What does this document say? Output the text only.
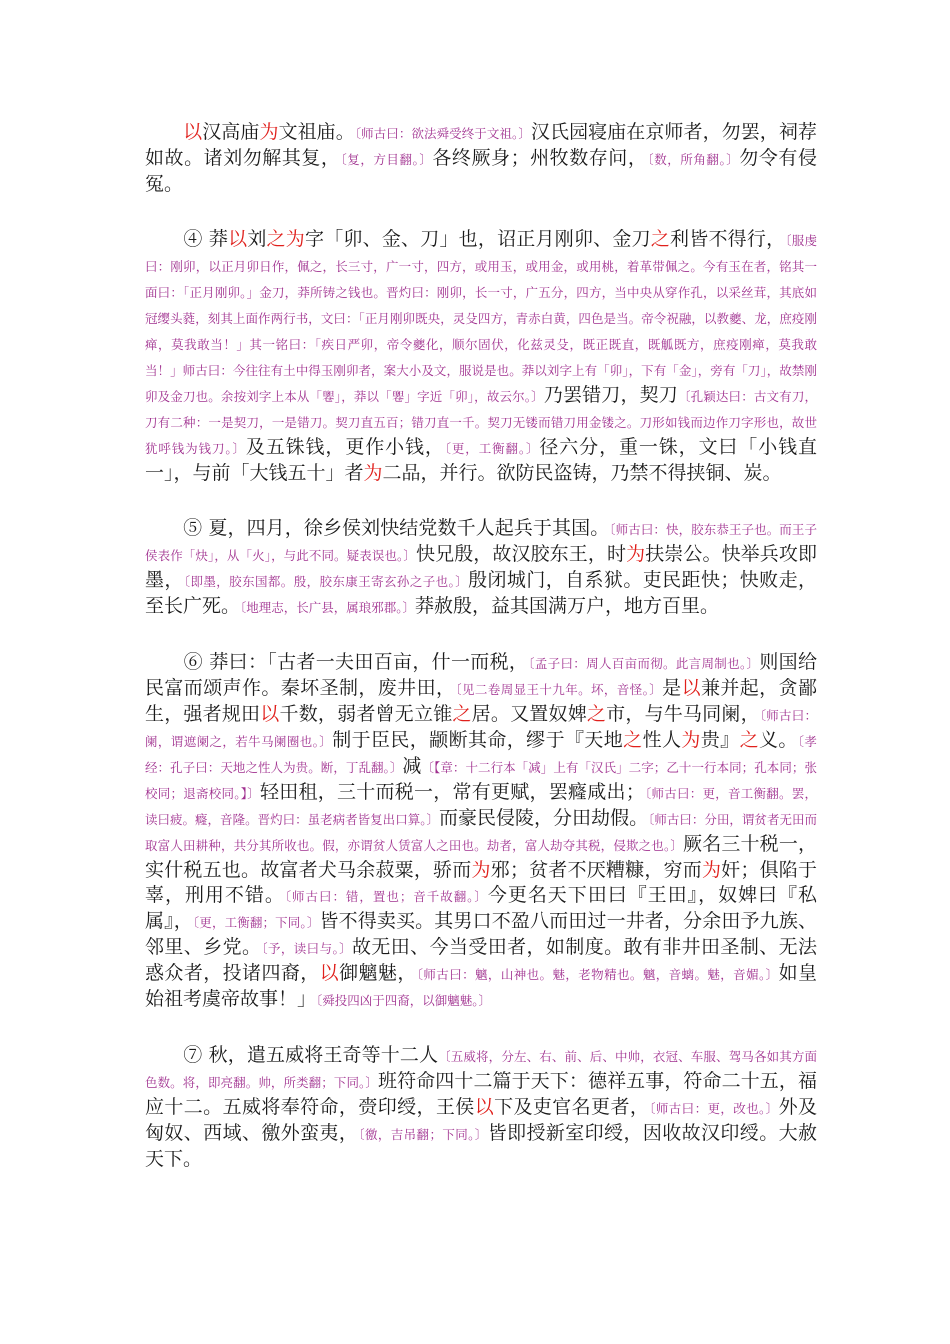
　　以汉高庙为文祖庙。〔师古曰：欲法舜受终于文祖。〕汉氏园寝庙在京师者，勿罢，祠荐如故。诸刘勿解其复，〔复，方目翻。〕各终厥身；州牧数存问，〔数，所角翻。〕勿令有侵冤。

　　④ 莽以刘之为字「卯、金、刀」也，诏正月刚卯、金刀之利皆不得行，〔服虔曰：刚卯，以正月卯日作，佩之，长三寸，广一寸，四方，或用玉，或用金，或用桃，着革带佩之。今有玉在者，铭其一面曰：「正月刚卯。」金刀，莽所铸之钱也。晋灼曰：刚卯，长一寸，广五分，四方，当中央从穿作孔，以采丝茸，其底如冠缨头蕤，刻其上面作两行书，文曰：「正月刚卯既央，灵殳四方，青赤白黄，四色是当。帝令祝融，以教夔、龙，庶疫刚瘅，莫我敢当！」其一铭曰：「疾日严卯，帝令夔化，顺尔固伏，化兹灵殳，既正既直，既觚既方，庶疫刚瘅，莫我敢当！」师古曰：今往往有土中得玉刚卯者，案大小及文，服说是也。莽以刘字上有「卯」，下有「金」，旁有「刀」，故禁刚卯及金刀也。余按刘字上本从「𠨧」，莽以「𠨧」字近「卯」，故云尔。〕乃罢错刀，契刀〔孔颖达曰：古文有刀，刀有二种：一是契刀，一是错刀。契刀直五百；错刀直一千。契刀无镂而错刀用金镂之。刀形如钱而边作刀字形也，故世犹呼钱为钱刀。〕及五铢钱，更作小钱，〔更，工衡翻。〕径六分，重一铢，文曰「小钱直一」，与前「大钱五十」者为二品，并行。欲防民盗铸，乃禁不得挟铜、炭。

　　⑤ 夏，四月，徐乡侯刘快结党数千人起兵于其国。〔师古曰：快，胶东恭王子也。而王子侯表作「炔」，从「火」，与此不同。疑表误也。〕快兄殷，故汉胶东王，时为扶崇公。快举兵攻即墨，〔即墨，胶东国都。殷，胶东康王寄玄孙之子也。〕殷闭城门，自系狱。吏民距快；快败走，至长广死。〔地理志，长广县，属琅邪郡。〕莽赦殷，益其国满万户，地方百里。

　　⑥ 莽曰：「古者一夫田百亩，什一而税，〔孟子曰：周人百亩而彻。此言周制也。〕则国给民富而颂声作。秦坏圣制，废井田，〔见二卷周显王十九年。坏，音怪。〕是以兼并起，贪鄙生，强者规田以千数，弱者曾无立锥之居。又置奴婢之市，与牛马同阑，〔师古曰：阑，谓遮阑之，若牛马阑圈也。〕制于臣民，颛断其命，缪于『天地之性人为贵』之义。〔孝经：孔子曰：天地之性人为贵。断，丁乱翻。〕减〔【章：十二行本「减」上有「汉氏」二字；乙十一行本同；孔本同；张校同；退斋校同。】〕轻田租，三十而税一，常有更赋，罢癃咸出；〔师古曰：更，音工衡翻。罢，读曰疲。癃，音隆。晋灼曰：虽老病者皆复出口算。〕而豪民侵陵，分田劫假。〔师古曰：分田，谓贫者无田而取富人田耕种，共分其所收也。假，亦谓贫人赁富人之田也。劫者，富人劫夺其税，侵欺之也。〕厥名三十税一，实什税五也。故富者犬马余菽粟，骄而为邪；贫者不厌糟糠，穷而为奸；俱陷于辜，刑用不错。〔师古曰：错，置也；音千故翻。〕今更名天下田曰『王田』，奴婢曰『私属』，〔更，工衡翻；下同。〕皆不得卖买。其男口不盈八而田过一井者，分余田予九族、邻里、乡党。〔予，读曰与。〕故无田、今当受田者，如制度。敢有非井田圣制、无法惑众者，投诸四裔，以御魑魅，〔师古曰：魑，山神也。魅，老物精也。魑，音螭。魅，音媚。〕如皇始祖考虞帝故事！」〔舜投四凶于四裔，以御魑魅。〕

　　⑦ 秋，遣五威将王奇等十二人〔五威将，分左、右、前、后、中帅，衣冠、车服、驾马各如其方面色数。将，即亮翻。帅，所类翻；下同。〕班符命四十二篇于天下：德祥五事，符命二十五，福应十二。五威将奉符命，赍印绶，王侯以下及吏官名更者，〔师古曰：更，改也。〕外及匈奴、西域、徼外蛮夷，〔徼，吉吊翻；下同。〕皆即授新室印绶，因收故汉印绶。大赦天下。
